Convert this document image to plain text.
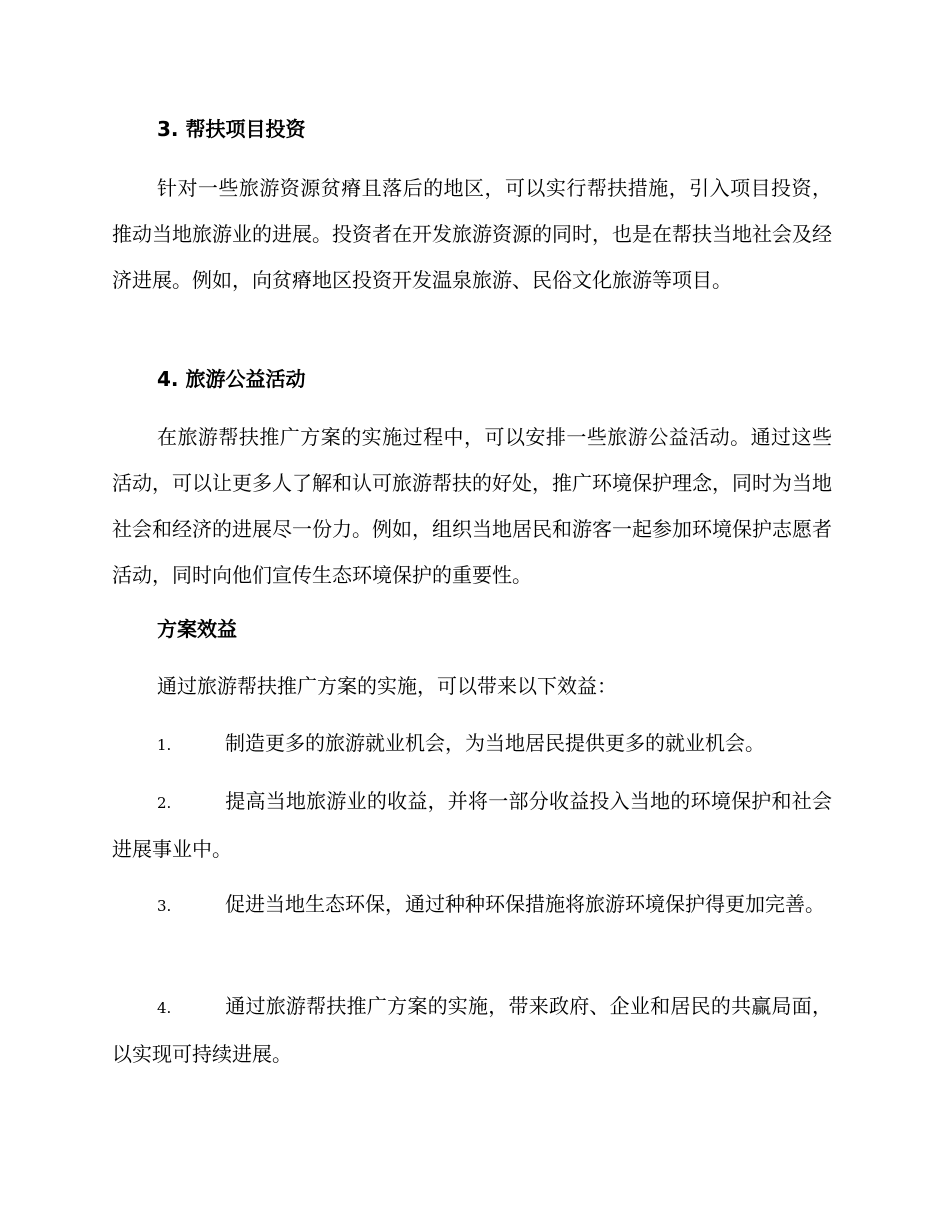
3. 帮扶项目投资
针对一些旅游资源贫瘠且落后的地区，可以实行帮扶措施，引入项目投资，推动当地旅游业的进展。投资者在开发旅游资源的同时，也是在帮扶当地社会及经济进展。例如，向贫瘠地区投资开发温泉旅游、民俗文化旅游等项目。
4. 旅游公益活动
在旅游帮扶推广方案的实施过程中，可以安排一些旅游公益活动。通过这些活动，可以让更多人了解和认可旅游帮扶的好处，推广环境保护理念，同时为当地社会和经济的进展尽一份力。例如，组织当地居民和游客一起参加环境保护志愿者活动，同时向他们宣传生态环境保护的重要性。
方案效益
通过旅游帮扶推广方案的实施，可以带来以下效益：
1.	制造更多的旅游就业机会，为当地居民提供更多的就业机会。
2.	提高当地旅游业的收益，并将一部分收益投入当地的环境保护和社会进展事业中。
3.	促进当地生态环保，通过种种环保措施将旅游环境保护得更加完善。
4.	通过旅游帮扶推广方案的实施，带来政府、企业和居民的共赢局面，以实现可持续进展。
